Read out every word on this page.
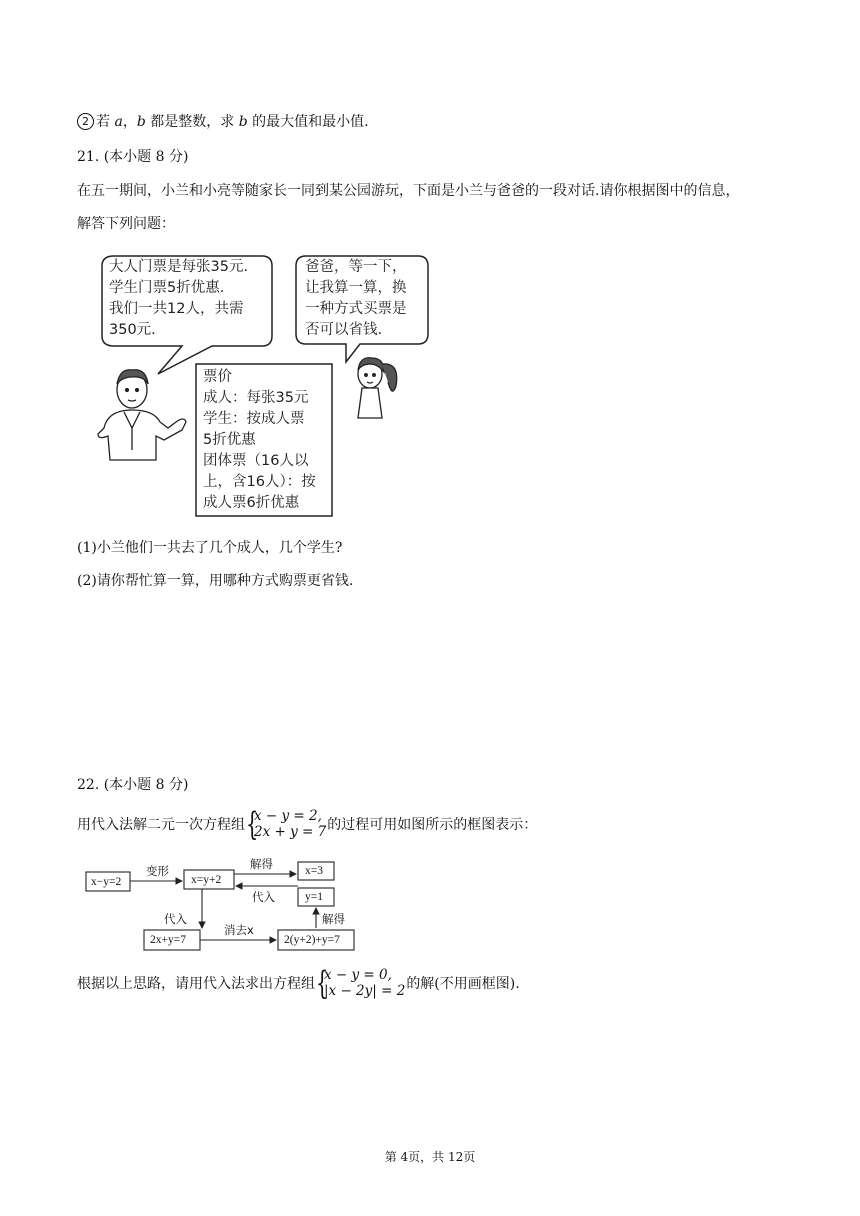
2 若 a，b 都是整数，求 b 的最大值和最小值.
21. (本小题 8 分)
在五一期间，小兰和小亮等随家长一同到某公园游玩，下面是小兰与爸爸的一段对话.请你根据图中的信息，
解答下列问题：
大人门票是每张35元.
学生门票5折优惠.
我们一共12人，共需
350元.
爸爸，等一下，
让我算一算，换
一种方式买票是
否可以省钱.
票价
成人：每张35元
学生：按成人票
5折优惠
团体票（16人以
上，含16人）：按
成人票6折优惠
(1)小兰他们一共去了几个成人，几个学生?
(2)请你帮忙算一算，用哪种方式购票更省钱.
22. (本小题 8 分)
用代入法解二元一次方程组 {
x − y = 2,
2x + y = 7 的过程可用如图所示的框图表示：
x−y=2	x=y+2
x=3
y=1
2x+y=7	2(y+2)+y=7
变形	解得
代入
代入
消去x
解得
根据以上思路，请用代入法求出方程组 {
x − y = 0,
|x − 2y| = 2 的解(不用画框图).
第 4页，共 12页
